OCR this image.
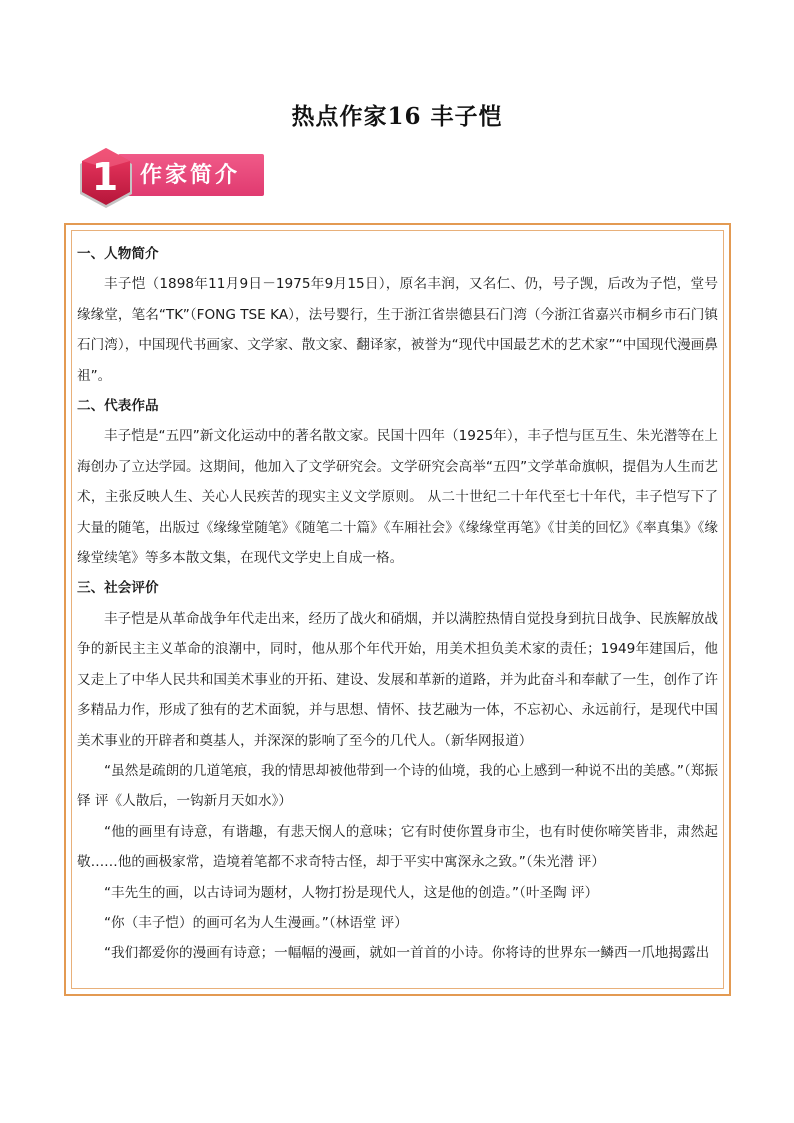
热点作家16 丰子恺
1 作家简介

一、人物简介

丰子恺（1898年11月9日－1975年9月15日），原名丰润，又名仁、仍，号子觊，后改为子恺，堂号缘缘堂，笔名“TK”（FONG TSE KA），法号婴行，生于浙江省崇德县石门湾（今浙江省嘉兴市桐乡市石门镇石门湾），中国现代书画家、文学家、散文家、翻译家，被誉为“现代中国最艺术的艺术家”“中国现代漫画鼻祖”。

二、代表作品

丰子恺是“五四”新文化运动中的著名散文家。民国十四年（1925年），丰子恺与匡互生、朱光潜等在上海创办了立达学园。这期间，他加入了文学研究会。文学研究会高举“五四”文学革命旗帜，提倡为人生而艺术，主张反映人生、关心人民疾苦的现实主义文学原则。 从二十世纪二十年代至七十年代，丰子恺写下了大量的随笔，出版过《缘缘堂随笔》《随笔二十篇》《车厢社会》《缘缘堂再笔》《甘美的回忆》《率真集》《缘缘堂续笔》等多本散文集，在现代文学史上自成一格。

三、社会评价

丰子恺是从革命战争年代走出来，经历了战火和硝烟，并以满腔热情自觉投身到抗日战争、民族解放战争的新民主主义革命的浪潮中，同时，他从那个年代开始，用美术担负美术家的责任；1949年建国后，他又走上了中华人民共和国美术事业的开拓、建设、发展和革新的道路，并为此奋斗和奉献了一生，创作了许多精品力作，形成了独有的艺术面貌，并与思想、情怀、技艺融为一体，不忘初心、永远前行，是现代中国美术事业的开辟者和奠基人，并深深的影响了至今的几代人。（新华网报道）

“虽然是疏朗的几道笔痕，我的情思却被他带到一个诗的仙境，我的心上感到一种说不出的美感。”（郑振铎 评《人散后，一钩新月天如水》）

“他的画里有诗意，有谐趣，有悲天悯人的意味；它有时使你置身市尘，也有时使你啼笑皆非，肃然起敬……他的画极家常，造境着笔都不求奇特古怪，却于平实中寓深永之致。”（朱光潜 评）

“丰先生的画，以古诗词为题材，人物打扮是现代人，这是他的创造。”（叶圣陶 评）

“你（丰子恺）的画可名为人生漫画。”（林语堂 评）

“我们都爱你的漫画有诗意；一幅幅的漫画，就如一首首的小诗。你将诗的世界东一鳞西一爪地揭露出
